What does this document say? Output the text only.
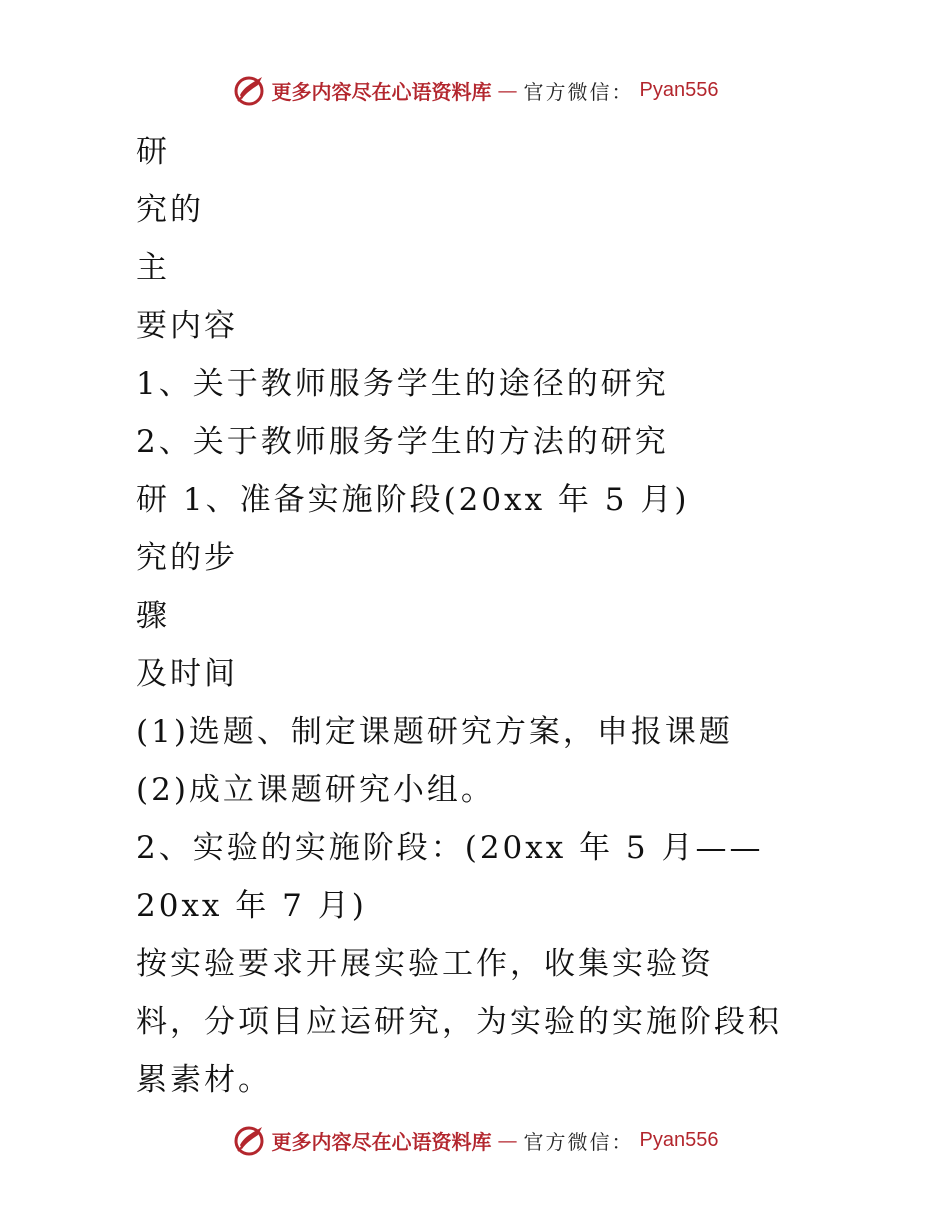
更多内容尽在心语资料库 — 官方微信： Pyan556
研
究的
主
要内容
1、关于教师服务学生的途径的研究
2、关于教师服务学生的方法的研究
研 1、准备实施阶段(20xx 年 5 月)
究的步
骤
及时间
(1)选题、制定课题研究方案，申报课题
(2)成立课题研究小组。
2、实验的实施阶段：(20xx 年 5 月——
20xx 年 7 月)
按实验要求开展实验工作，收集实验资
料，分项目应运研究，为实验的实施阶段积
累素材。
更多内容尽在心语资料库 — 官方微信： Pyan556
